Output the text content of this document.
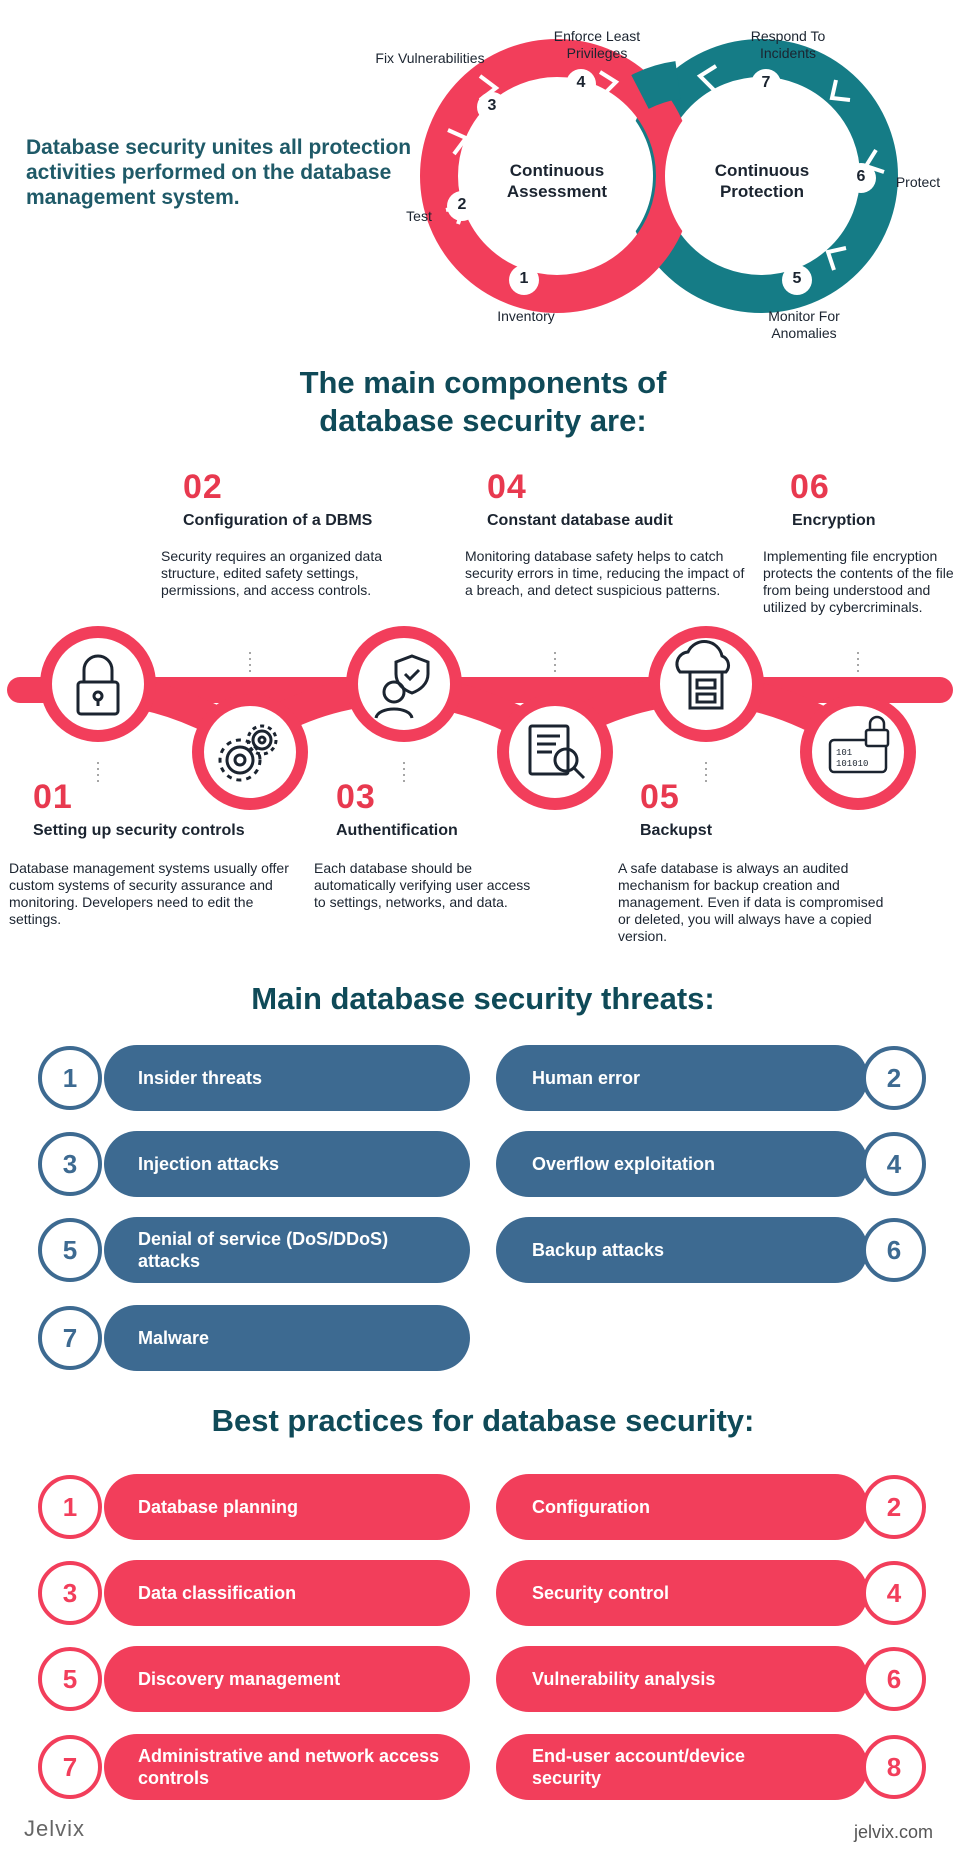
Database security unites all protection activities performed on the database management system.
1
2
3
4
5
6
7
Continuous Assessment
Continuous Protection
Inventory
Test
Fix Vulnerabilities
Enforce Least Privileges
Monitor For Anomalies
Protect
Respond To Incidents
The main components of database security are:
02
Configuration of a DBMS
Security requires an organized data structure, edited safety settings, permissions, and access controls.
04
Constant database audit
Monitoring database safety helps to catch security errors in time, reducing the impact of a breach, and detect suspicious patterns.
06
Encryption
Implementing file encryption protects the contents of the file from being understood and utilized by cybercriminals.
101
101010
01
Setting up security controls
Database management systems usually offer custom systems of security assurance and monitoring. Developers need to edit the settings.
03
Authentification
Each database should be automatically verifying user access to settings, networks, and data.
05
Backupst
A safe database is always an audited mechanism for backup creation and management. Even if data is compromised or deleted, you will always have a copied version.
Main database security threats:
1	Insider threats
3	Injection attacks
5	Denial of service (DoS/DDoS) attacks
7	Malware
Human error	2
Overflow exploitation	4
Backup attacks	6
Best practices for database security:
1	Database planning
3	Data classification
5	Discovery management
7	Administrative and network access controls
Configuration	2
Security control	4
Vulnerability analysis	6
End-user account/device security	8
Jelvix	jelvix.com
